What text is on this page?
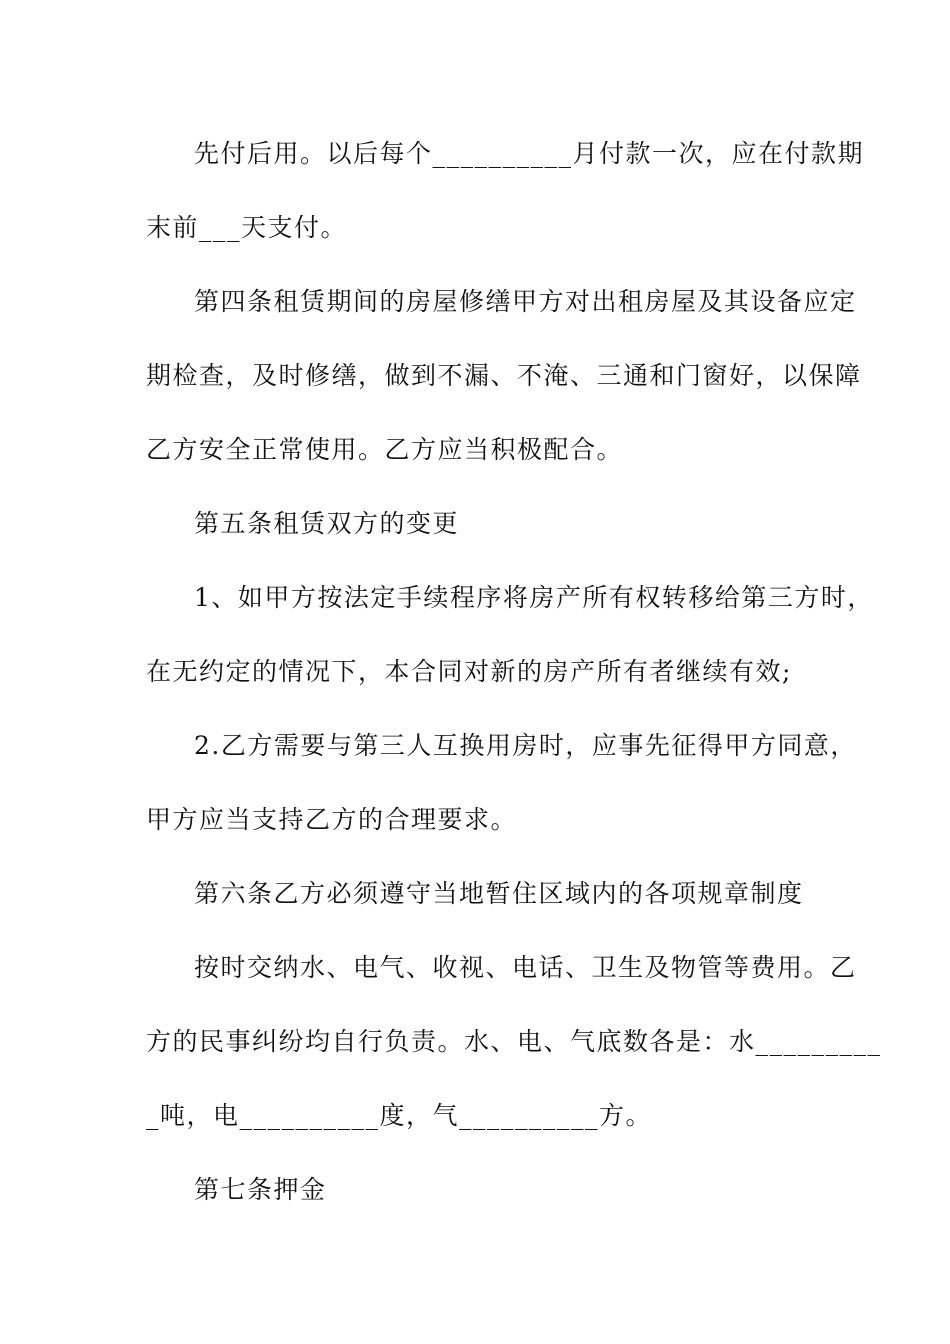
先付后用。以后每个__________月付款一次，应在付款期
末前___天支付。
第四条租赁期间的房屋修缮甲方对出租房屋及其设备应定
期检查，及时修缮，做到不漏、不淹、三通和门窗好，以保障
乙方安全正常使用。乙方应当积极配合。
第五条租赁双方的变更
1、如甲方按法定手续程序将房产所有权转移给第三方时，
在无约定的情况下，本合同对新的房产所有者继续有效;
2.乙方需要与第三人互换用房时，应事先征得甲方同意，
甲方应当支持乙方的合理要求。
第六条乙方必须遵守当地暂住区域内的各项规章制度
按时交纳水、电气、收视、电话、卫生及物管等费用。乙
方的民事纠纷均自行负责。水、电、气底数各是：水_________
_吨，电__________度，气__________方。
第七条押金
